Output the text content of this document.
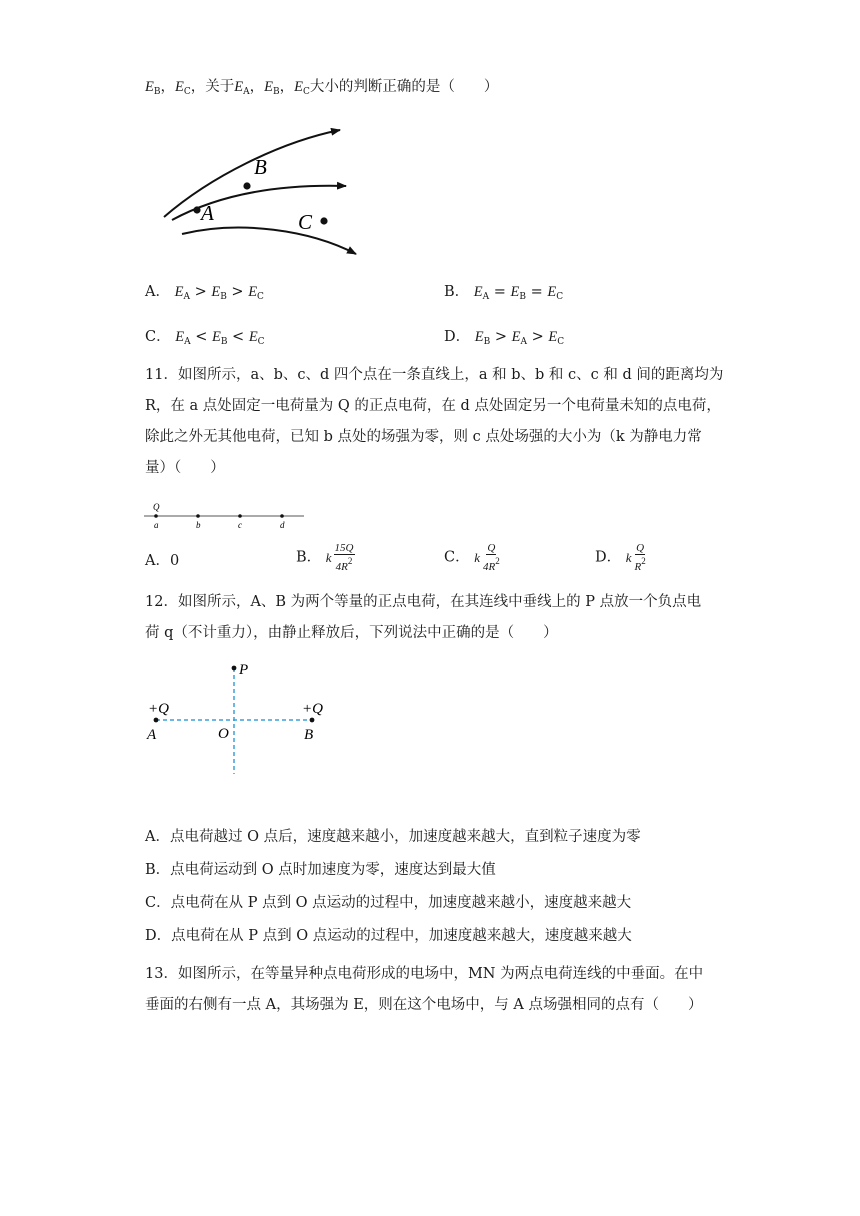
$E_B$，$E_C$，关于$E_A$，$E_B$，$E_C$大小的判断正确的是（　　）
A
B
C
A． $E_A > E_B > E_C$	B． $E_A = E_B = E_C$
C． $E_A < E_B < E_C$	D． $E_B > E_A > E_C$
11．如图所示，a、b、c、d 四个点在一条直线上，a 和 b、b 和 c、c 和 d 间的距离均为
R，在 a 点处固定一电荷量为 Q 的正点电荷，在 d 点处固定另一个电荷量未知的点电荷，
除此之外无其他电荷，已知 b 点处的场强为零，则 c 点处场强的大小为（k 为静电力常
量）（　　）
Q
a	b	c	d
A．0	B． k $\frac{15Q}{4R^2}$	C． k $\frac{Q}{4R^2}$	D． k $\frac{Q}{R^2}$
12．如图所示，A、B 为两个等量的正点电荷，在其连线中垂线上的 P 点放一个负点电
荷 q（不计重力），由静止释放后，下列说法中正确的是（　　）
P
+Q	+Q
A	O	B
A．点电荷越过 O 点后，速度越来越小，加速度越来越大，直到粒子速度为零
B．点电荷运动到 O 点时加速度为零，速度达到最大值
C．点电荷在从 P 点到 O 点运动的过程中，加速度越来越小，速度越来越大
D．点电荷在从 P 点到 O 点运动的过程中，加速度越来越大，速度越来越大
13．如图所示，在等量异种点电荷形成的电场中，MN 为两点电荷连线的中垂面。在中
垂面的右侧有一点 A，其场强为 E，则在这个电场中，与 A 点场强相同的点有（　　）
